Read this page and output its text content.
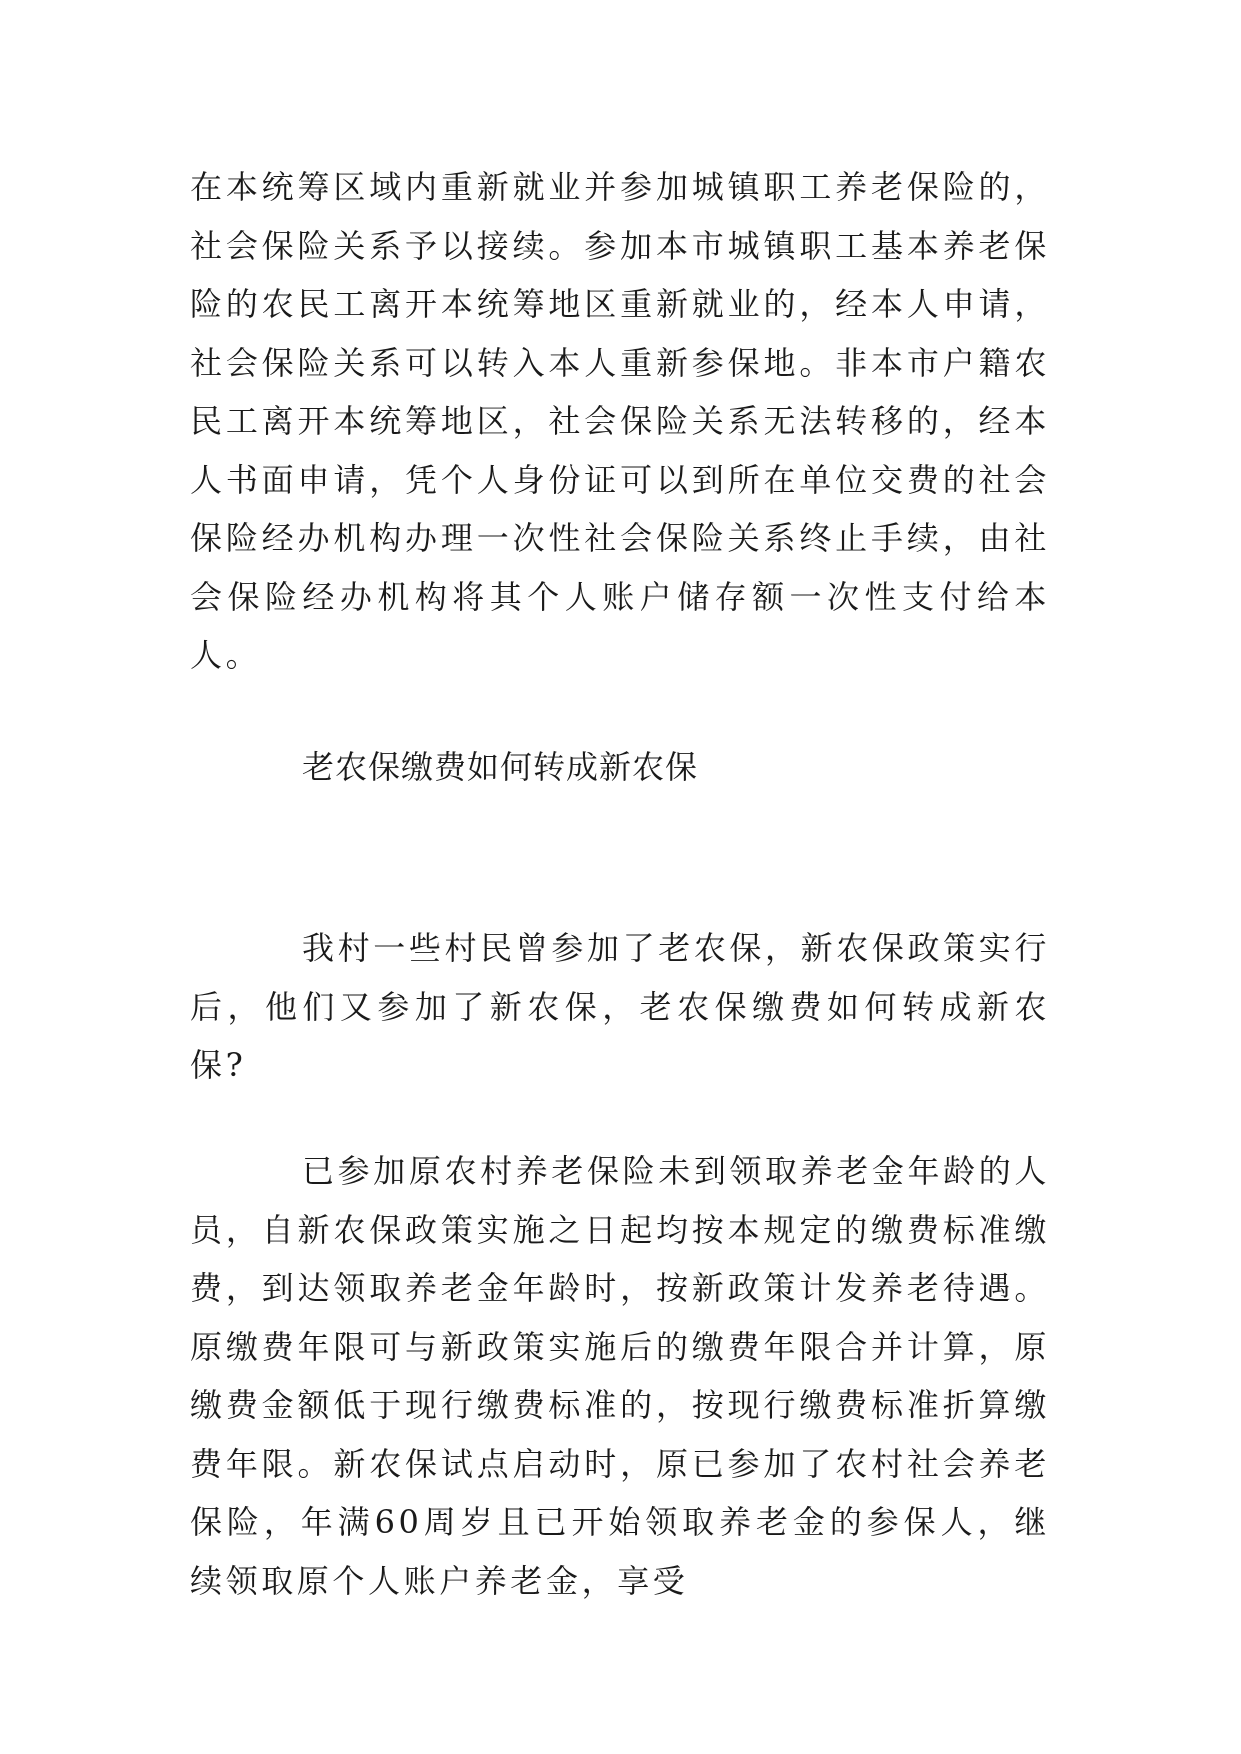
在本统筹区域内重新就业并参加城镇职工养老保险的，社会保险关系予以接续。参加本市城镇职工基本养老保险的农民工离开本统筹地区重新就业的，经本人申请，社会保险关系可以转入本人重新参保地。非本市户籍农民工离开本统筹地区，社会保险关系无法转移的，经本人书面申请，凭个人身份证可以到所在单位交费的社会保险经办机构办理一次性社会保险关系终止手续，由社会保险经办机构将其个人账户储存额一次性支付给本人。

老农保缴费如何转成新农保

我村一些村民曾参加了老农保，新农保政策实行后，他们又参加了新农保，老农保缴费如何转成新农保?

已参加原农村养老保险未到领取养老金年龄的人员，自新农保政策实施之日起均按本规定的缴费标准缴费，到达领取养老金年龄时，按新政策计发养老待遇。原缴费年限可与新政策实施后的缴费年限合并计算，原缴费金额低于现行缴费标准的，按现行缴费标准折算缴费年限。新农保试点启动时，原已参加了农村社会养老保险，年满60周岁且已开始领取养老金的参保人，继续领取原个人账户养老金，享受
